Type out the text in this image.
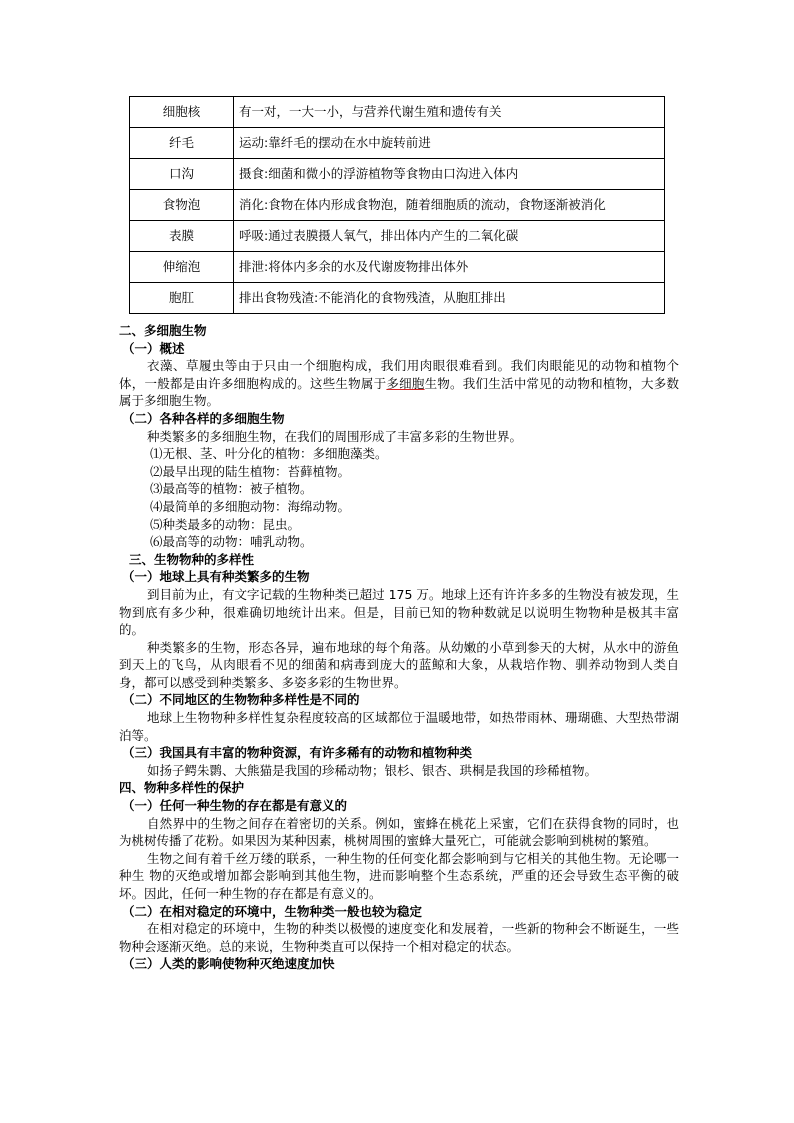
细胞核	有一对，一大一小，与营养代谢生殖和遗传有关
纤毛	运动:靠纤毛的摆动在水中旋转前进
口沟	摄食:细菌和微小的浮游植物等食物由口沟进入体内
食物泡	消化:食物在体内形成食物泡，随着细胞质的流动，食物逐渐被消化
表膜	呼吸:通过表膜摄人氧气，排出体内产生的二氧化碳
伸缩泡	排泄:将体内多余的水及代谢废物排出体外
胞肛	排出食物残渣:不能消化的食物残渣，从胞肛排出

二、多细胞生物

（一）概述

衣藻、草履虫等由于只由一个细胞构成，我们用肉眼很难看到。我们肉眼能见的动物和植物个体，一般都是由许多细胞构成的。这些生物属于多细胞生物。我们生活中常见的动物和植物，大多数属于多细胞生物。

（二）各种各样的多细胞生物

种类繁多的多细胞生物，在我们的周围形成了丰富多彩的生物世界。

⑴无根、茎、叶分化的植物：多细胞藻类。

⑵最早出现的陆生植物：苔藓植物。

⑶最高等的植物：被子植物。

⑷最简单的多细胞动物：海绵动物。

⑸种类最多的动物：昆虫。

⑹最高等的动物：哺乳动物。

三、生物物种的多样性

（一）地球上具有种类繁多的生物

到目前为止，有文字记载的生物种类已超过 175 万。地球上还有许许多多的生物没有被发现，生物到底有多少种，很难确切地统计出来。但是，目前已知的物种数就足以说明生物物种是极其丰富的。

种类繁多的生物，形态各异，遍布地球的每个角落。从幼嫩的小草到参天的大树，从水中的游鱼到天上的飞鸟，从肉眼看不见的细菌和病毒到庞大的蓝鲸和大象，从栽培作物、驯养动物到人类自身，都可以感受到种类繁多、多姿多彩的生物世界。

（二）不同地区的生物物种多样性是不同的

地球上生物物种多样性复杂程度较高的区域都位于温暖地带，如热带雨林、珊瑚礁、大型热带湖泊等。

（三）我国具有丰富的物种资源，有许多稀有的动物和植物种类

如扬子鳄朱鹮、大熊猫是我国的珍稀动物；银杉、银杏、珙桐是我国的珍稀植物。

四、物种多样性的保护

（一）任何一种生物的存在都是有意义的

自然界中的生物之间存在着密切的关系。例如，蜜蜂在桃花上采蜜，它们在获得食物的同时，也为桃树传播了花粉。如果因为某种因素，桃树周围的蜜蜂大量死亡，可能就会影响到桃树的繁殖。

生物之间有着千丝万缕的联系，一种生物的任何变化都会影响到与它相关的其他生物。无论哪一种生 物的灭绝或增加都会影响到其他生物，进而影响整个生态系统，严重的还会导致生态平衡的破坏。因此，任何一种生物的存在都是有意义的。

（二）在相对稳定的环境中，生物种类一般也较为稳定

在相对稳定的环境中，生物的种类以极慢的速度变化和发展着，一些新的物种会不断诞生，一些物种会逐渐灭绝。总的来说，生物种类直可以保持一个相对稳定的状态。

（三）人类的影响使物种灭绝速度加快
